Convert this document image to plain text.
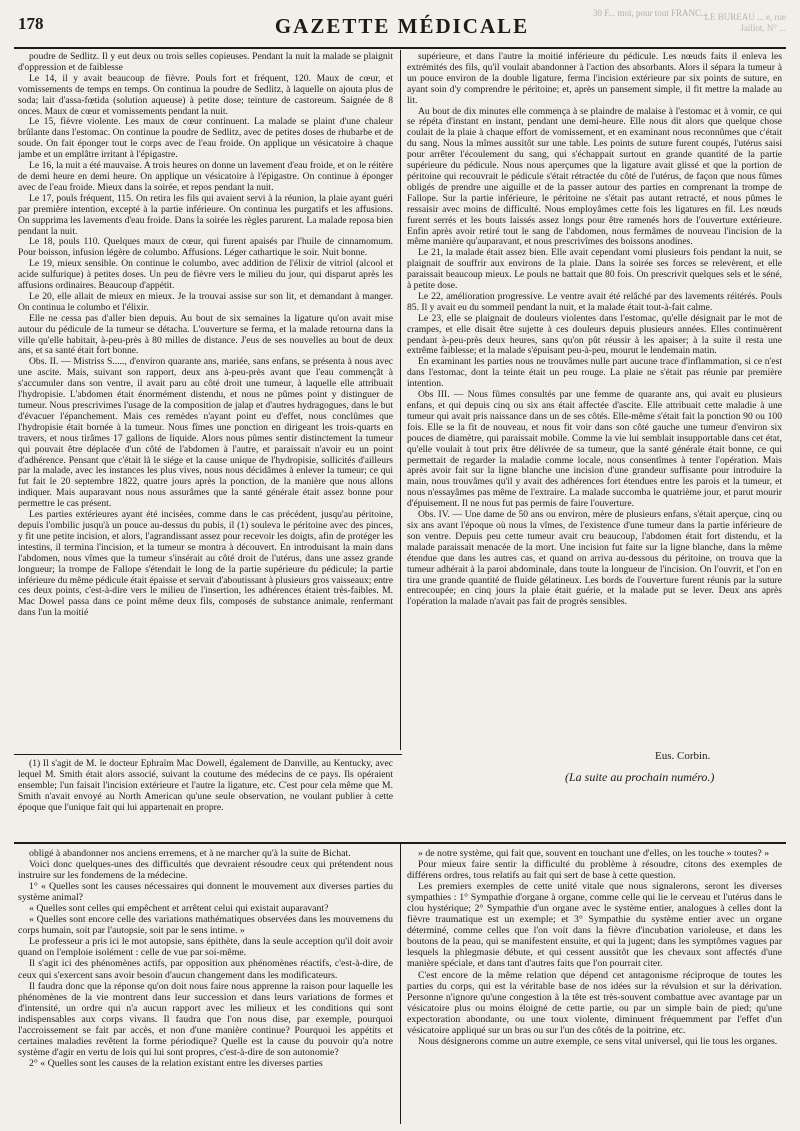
178	GAZETTE MÉDICALE
30 F... moi, pour tout FRANC...
LE BUREAU ... e, rue Jaillot, N° ...

poudre de Sedlitz. Il y eut deux ou trois selles copieuses. Pendant la nuit la malade se plaignit d'oppression et de faiblesse

Le 14, il y avait beaucoup de fièvre. Pouls fort et fréquent, 120. Maux de cœur, et vomissements de temps en temps. On continua la poudre de Sedlitz, à laquelle on ajouta plus de soda; lait d'assa-fœtida (solution aqueuse) à petite dose; teinture de castoreum. Saignée de 8 onces. Maux de cœur et vomissements pendant la nuit.

Le 15, fièvre violente. Les maux de cœur continuent. La malade se plaint d'une chaleur brûlante dans l'estomac. On continue la poudre de Sedlitz, avec de petites doses de rhubarbe et de soude. On fait éponger tout le corps avec de l'eau froide. On applique un vésicatoire à chaque jambe et un emplâtre irritant à l'épigastre.

Le 16, la nuit a été mauvaise. A trois heures on donne un lavement d'eau froide, et on le réitère de demi heure en demi heure. On applique un vésicatoire à l'épigastre. On continue à éponger avec de l'eau froide. Mieux dans la soirée, et repos pendant la nuit.

Le 17, pouls fréquent, 115. On retira les fils qui avaient servi à la réunion, la plaie ayant guéri par première intention, excepté à la partie inférieure. On continua les purgatifs et les affusions. On supprima les lavements d'eau froide. Dans la soirée les règles parurent. La malade reposa bien pendant la nuit.

Le 18, pouls 110. Quelques maux de cœur, qui furent apaisés par l'huile de cinnamomum. Pour boisson, infusion légère de columbo. Affusions. Léger cathartique le soir. Nuit bonne.

Le 19, mieux sensible. On continue le columbo, avec addition de l'élixir de vitriol (alcool et acide sulfurique) à petites doses. Un peu de fièvre vers le milieu du jour, qui disparut après les affusions ordinaires. Beaucoup d'appétit.

Le 20, elle allait de mieux en mieux. Je la trouvai assise sur son lit, et demandant à manger. On continua le columbo et l'élixir.

Elle ne cessa pas d'aller bien depuis. Au bout de six semaines la ligature qu'on avait mise autour du pédicule de la tumeur se détacha. L'ouverture se ferma, et la malade retourna dans la ville qu'elle habitait, à-peu-près à 80 milles de distance. J'eus de ses nouvelles au bout de deux ans, et sa santé était fort bonne.

Obs. II. — Mistriss S....., d'environ quarante ans, mariée, sans enfans, se présenta à nous avec une ascite. Mais, suivant son rapport, deux ans à-peu-près avant que l'eau commençât à s'accumuler dans son ventre, il avait paru au côté droit une tumeur, à laquelle elle attribuait l'hydropisie. L'abdomen était énormément distendu, et nous ne pûmes point y distinguer de tumeur. Nous prescrivimes l'usage de la composition de jalap et d'autres hydragogues, dans le but d'évacuer l'épanchement. Mais ces remèdes n'ayant point eu d'effet, nous conclûmes que l'hydropisie était bornée à la tumeur. Nous fîmes une ponction en dirigeant les trois-quarts en travers, et nous tirâmes 17 gallons de liquide. Alors nous pûmes sentir distinctement la tumeur qui pouvait être déplacée d'un côté de l'abdomen à l'autre, et paraissait n'avoir eu un point d'adhérence. Pensant que c'était là le siége et la cause unique de l'hydropisie, sollicités d'ailleurs par la malade, avec les instances les plus vives, nous nous décidâmes à enlever la tumeur; ce qui fut fait le 20 septembre 1822, quatre jours après la ponction, de la manière que nous allons indiquer. Mais auparavant nous nous assurâmes que la santé générale était assez bonne pour permettre le cas présent.

Les parties extérieures ayant été incisées, comme dans le cas précédent, jusqu'au péritoine, depuis l'ombilic jusqu'à un pouce au-dessus du pubis, il (1) souleva le péritoine avec des pinces, y fit une petite incision, et alors, l'agrandissant assez pour recevoir les doigts, afin de protéger les intestins, il termina l'incision, et la tumeur se montra à découvert. En introduisant la main dans l'abdomen, nous vîmes que la tumeur s'insérait au côté droit de l'utérus, dans une assez grande longueur; la trompe de Fallope s'étendait le long de la partie supérieure du pédicule; la partie inférieure du même pédicule était épaisse et servait d'aboutissant à plusieurs gros vaisseaux; entre ces deux points, c'est-à-dire vers le milieu de l'insertion, les adhérences étaient très-faibles. M. Mac Dowel passa dans ce point même deux fils, composés de substance animale, renfermant dans l'un la moitié

supérieure, et dans l'autre la moitié inférieure du pédicule. Les nœuds faits il enleva les extrémités des fils, qu'il voulait abandonner à l'action des absorbants. Alors il sépara la tumeur à un pouce environ de la double ligature, ferma l'incision extérieure par six points de suture, en ayant soin d'y comprendre le péritoine; et, après un pansement simple, il fit mettre la malade au lit.

Au bout de dix minutes elle commença à se plaindre de malaise à l'estomac et à vomir, ce qui se répéta d'instant en instant, pendant une demi-heure. Elle nous dit alors que quelque chose coulait de la plaie à chaque effort de vomissement, et en examinant nous reconnûmes que c'était du sang. Nous la mîmes aussitôt sur une table. Les points de suture furent coupés, l'utérus saisi pour arrêter l'écoulement du sang, qui s'échappait surtout en grande quantité de la partie supérieure du pédicule. Nous nous aperçumes que la ligature avait glissé et que la portion de péritoine qui recouvrait le pédicule s'était rétractée du côté de l'utérus, de façon que nous fûmes obligés de prendre une aiguille et de la passer autour des parties en comprenant la trompe de Fallope. Sur la partie inférieure, le péritoine ne s'était pas autant retracté, et nous pûmes le ressaisir avec moins de difficulté. Nous employâmes cette fois les ligatures en fil. Les nœuds furent serrés et les bouts laissés assez longs pour être ramenés hors de l'ouverture extérieure. Enfin après avoir retiré tout le sang de l'abdomen, nous fermâmes de nouveau l'incision de la même manière qu'auparavant, et nous prescrivîmes des boissons anodines.

Le 21, la malade était assez bien. Elle avait cependant vomi plusieurs fois pendant la nuit, se plaignait de souffrir aux environs de la plaie. Dans la soirée ses forces se relevèrent, et elle paraissait beaucoup mieux. Le pouls ne battait que 80 fois. On prescrivit quelques sels et le séné, à petite dose.

Le 22, amélioration progressive. Le ventre avait été relâché par des lavements réitérés. Pouls 85. Il y avait eu du sommeil pendant la nuit, et la malade était tout-à-fait calme.

Le 23, elle se plaignait de douleurs violentes dans l'estomac, qu'elle désignait par le mot de crampes, et elle disait être sujette à ces douleurs depuis plusieurs années. Elles continuèrent pendant à-peu-près deux heures, sans qu'on pût réussir à les apaiser; à la suite il resta une extrême faiblesse; et la malade s'épuisant peu-à-peu, mourut le lendemain matin.

En examinant les parties nous ne trouvâmes nulle part aucune trace d'inflammation, si ce n'est dans l'estomac, dont la teinte était un peu rouge. La plaie ne s'était pas réunie par première intention.

Obs III. — Nous fûmes consultés par une femme de quarante ans, qui avait eu plusieurs enfans, et qui depuis cinq ou six ans était affectée d'ascite. Elle attribuait cette maladie à une tumeur qui avait pris naissance dans un de ses côtés. Elle-même s'était fait la ponction 90 ou 100 fois. Elle se la fit de nouveau, et nous fit voir dans son côté gauche une tumeur d'environ six pouces de diamètre, qui paraissait mobile. Comme la vie lui semblait insupportable dans cet état, qu'elle voulait à tout prix être délivrée de sa tumeur, que la santé générale était bonne, ce qui permettait de regarder la maladie comme locale, nous consentîmes à tenter l'opération. Mais après avoir fait sur la ligne blanche une incision d'une grandeur suffisante pour introduire la main, nous trouvâmes qu'il y avait des adhérences fort étendues entre les parois et la tumeur, et nous n'essayâmes pas même de l'extraire. La malade succomba le quatrième jour, et parut mourir d'épuisement. Il ne nous fut pas permis de faire l'ouverture.

Obs. IV. — Une dame de 50 ans ou environ, mère de plusieurs enfans, s'était aperçue, cinq ou six ans avant l'époque où nous la vîmes, de l'existence d'une tumeur dans la partie inférieure de son ventre. Depuis peu cette tumeur avait cru beaucoup, l'abdomen était fort distendu, et la malade paraissait menacée de la mort. Une incision fut faite sur la ligne blanche, dans la même étendue que dans les autres cas, et quand on arriva au-dessous du péritoine, on trouva que la tumeur adhérait à la paroi abdominale, dans toute la longueur de l'incision. On l'ouvrit, et l'on en tira une grande quantité de fluide gélatineux. Les bords de l'ouverture furent réunis par la suture entrecoupée; en cinq jours la plaie était guérie, et la malade put se lever. Deux ans après l'opération la malade n'avait pas fait de progrès sensibles.

(1) Il s'agit de M. le docteur Ephraïm Mac Dowell, également de Danville, au Kentucky, avec lequel M. Smith était alors associé, suivant la coutume des médecins de ce pays. Ils opéraient ensemble; l'un faisait l'incision extérieure et l'autre la ligature, etc. C'est pour cela même que M. Smith n'avait envoyé au North American qu'une seule observation, ne voulant publier à cette époque que l'unique fait qui lui appartenait en propre.

Eus. Corbin.
(La suite au prochain numéro.)

obligé à abandonner nos anciens erremens, et à ne marcher qu'à la suite de Bichat.

Voici donc quelques-unes des difficultés que devraient résoudre ceux qui prétendent nous instruire sur les fondemens de la médecine.

1° « Quelles sont les causes nécessaires qui donnent le mouvement aux diverses parties du système animal?

« Quelles sont celles qui empêchent et arrêtent celui qui existait auparavant?

« Quelles sont encore celle des variations mathématiques observées dans les mouvemens du corps humain, soit par l'autopsie, soit par le sens intime. »

Le professeur a pris ici le mot autopsie, sans épithète, dans la seule acception qu'il doit avoir quand on l'emploie isolément : celle de vue par soi-même.

Il s'agit ici des phénomènes actifs, par opposition aux phénomènes réactifs, c'est-à-dire, de ceux qui s'exercent sans avoir besoin d'aucun changement dans les modificateurs.

Il faudra donc que la réponse qu'on doit nous faire nous apprenne la raison pour laquelle les phénomènes de la vie montrent dans leur succession et dans leurs variations de formes et d'intensité, un ordre qui n'a aucun rapport avec les milieux et les conditions qui sont indispensables aux corps vivans. Il faudra que l'on nous dise, par exemple, pourquoi l'accroissement se fait par accès, et non d'une manière continue? Pourquoi les appétits et certaines maladies revêtent la forme périodique? Quelle est la cause du pouvoir qu'a notre système d'agir en vertu de lois qui lui sont propres, c'est-à-dire de son autonomie?

2° « Quelles sont les causes de la relation existant entre les diverses parties

» de notre système, qui fait que, souvent en touchant une d'elles, on les touche » toutes? »

Pour mieux faire sentir la difficulté du problème à résoudre, citons des exemples de différens ordres, tous relatifs au fait qui sert de base à cette question.

Les premiers exemples de cette unité vitale que nous signalerons, seront les diverses sympathies : 1° Sympathie d'organe à organe, comme celle qui lie le cerveau et l'utérus dans le clou hystérique; 2° Sympathie d'un organe avec le système entier, analogues à celles dont la fièvre traumatique est un exemple; et 3° Sympathie du système entier avec un organe déterminé, comme celles que l'on voit dans la fièvre d'incubation varioleuse, et dans les boutons de la peau, qui se manifestent ensuite, et qui la jugent; dans les symptômes vagues par lesquels la phlegmasie débute, et qui cessent aussitôt que les chevaux sont affectés d'une manière spéciale, et dans tant d'autres faits que l'on pourrait citer.

C'est encore de la même relation que dépend cet antagonisme réciproque de toutes les parties du corps, qui est la véritable base de nos idées sur la révulsion et sur la dérivation. Personne n'ignore qu'une congestion à la tête est très-souvent combattue avec avantage par un vésicatoire plus ou moins éloigné de cette partie, ou par un simple bain de pied; qu'une expectoration abondante, ou une toux violente, diminuent fréquemment par l'effet d'un vésicatoire appliqué sur un bras ou sur l'un des côtés de la poitrine, etc.

Nous désignerons comme un autre exemple, ce sens vital universel, qui lie tous les organes.
